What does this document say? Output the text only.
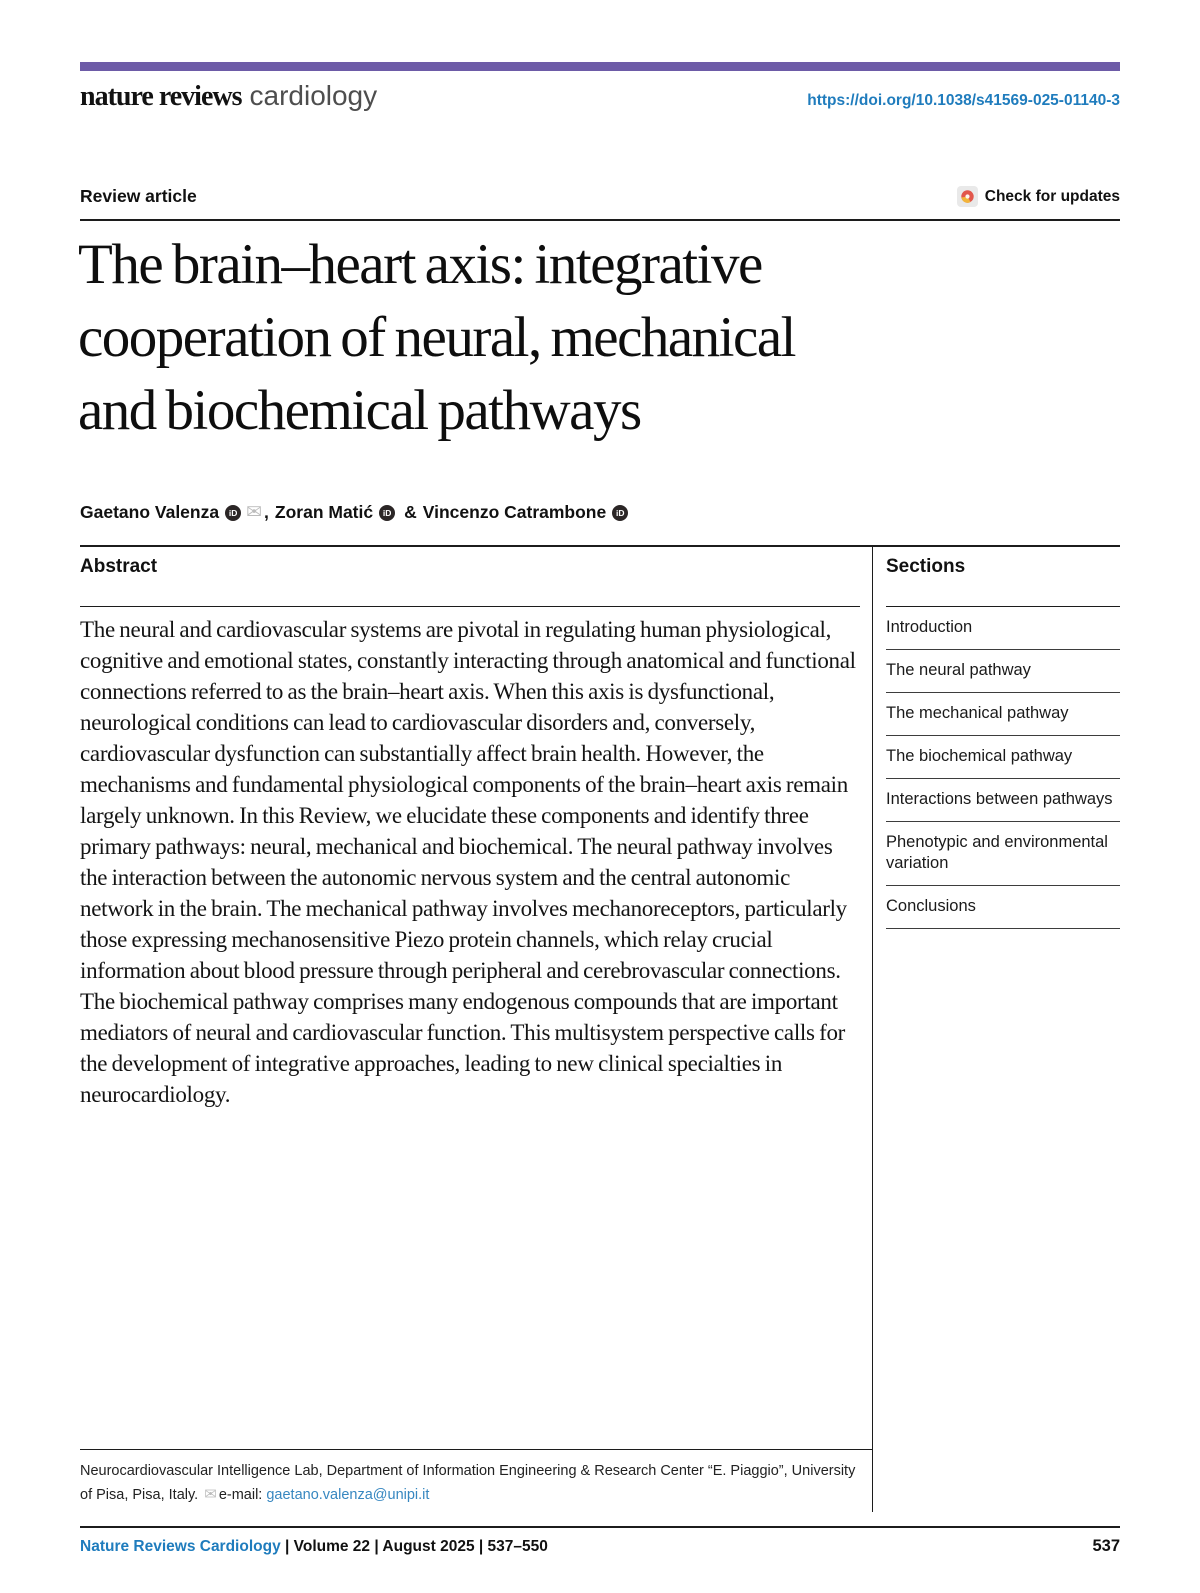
nature reviews cardiology	https://doi.org/10.1038/s41569-025-01140-3
Review article	Check for updates
The brain–heart axis: integrative
cooperation of neural, mechanical
and biochemical pathways
Gaetano Valenza	iD ✉ , Zoran Matić	iD & Vincenzo Catrambone	iD
Abstract

The neural and cardiovascular systems are pivotal in regulating human physiological, cognitive and emotional states, constantly interacting through anatomical and functional connections referred to as the brain–heart axis. When this axis is dysfunctional, neurological conditions can lead to cardiovascular disorders and, conversely, cardiovascular dysfunction can substantially affect brain health. However, the mechanisms and fundamental physiological components of the brain–heart axis remain largely unknown. In this Review, we elucidate these components and identify three primary pathways: neural, mechanical and biochemical. The neural pathway involves the interaction between the autonomic nervous system and the central autonomic network in the brain. The mechanical pathway involves mechanoreceptors, particularly those expressing mechanosensitive Piezo protein channels, which relay crucial information about blood pressure through peripheral and cerebrovascular connections. The biochemical pathway comprises many endogenous compounds that are important mediators of neural and cardiovascular function. This multisystem perspective calls for the development of integrative approaches, leading to new clinical specialties in neurocardiology.

Sections
Introduction
The neural pathway
The mechanical pathway
The biochemical pathway
Interactions between pathways
Phenotypic and environmental variation
Conclusions

Neurocardiovascular Intelligence Lab, Department of Information Engineering & Research Center “E. Piaggio”, University of Pisa, Pisa, Italy. ✉ e-mail: gaetano.valenza@unipi.it

Nature Reviews Cardiology | Volume 22 | August 2025 | 537–550	537
